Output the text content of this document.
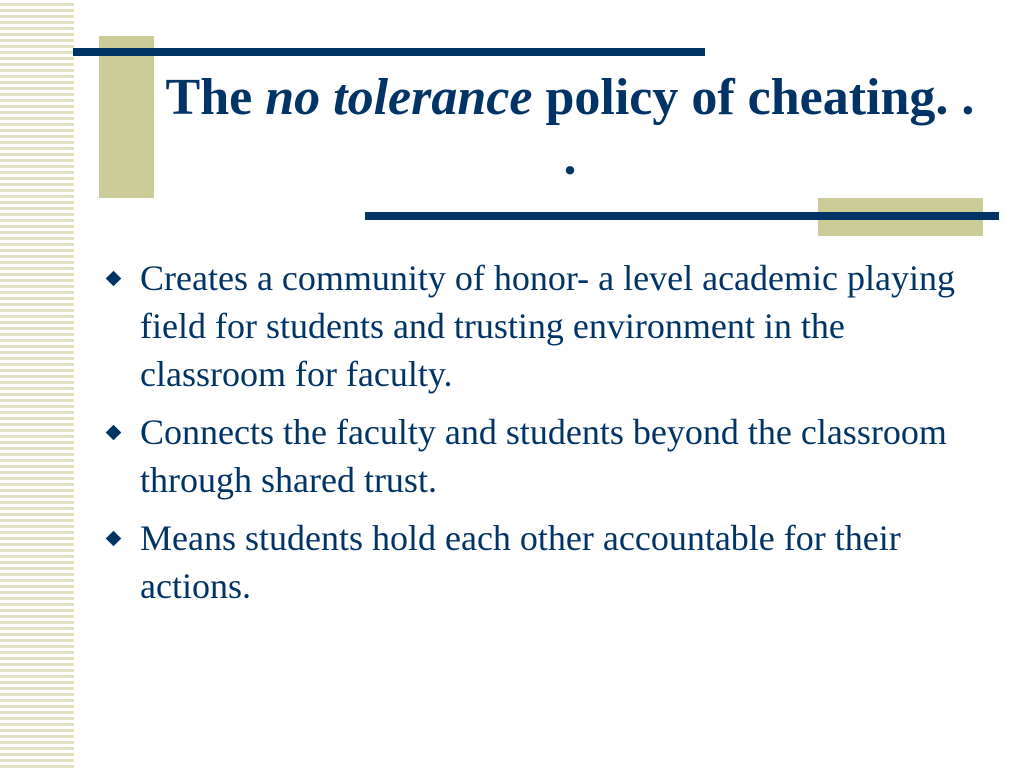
The no tolerance policy of cheating. . .
Creates a community of honor- a level academic playing field for students and trusting environment in the classroom for faculty.
Connects the faculty and students beyond the classroom through shared trust.
Means students hold each other accountable for their actions.
